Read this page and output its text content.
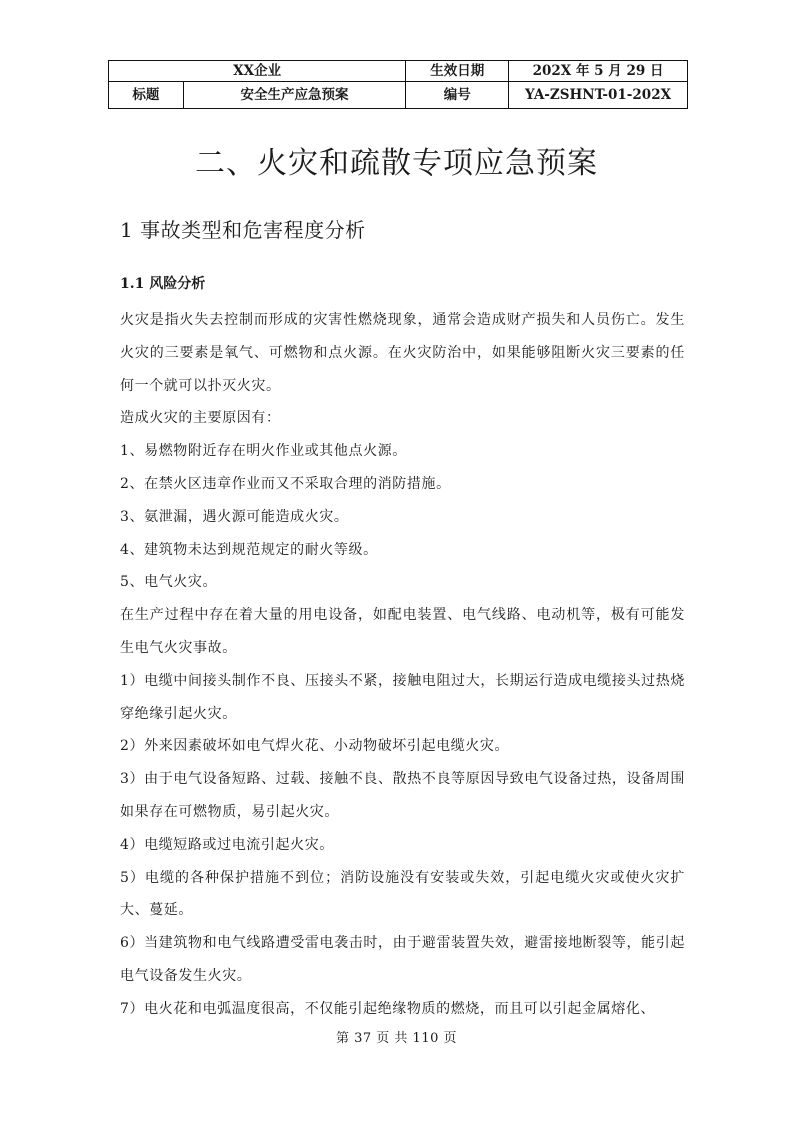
XX企业		生效日期	202X 年 5 月 29 日
标题	安全生产应急预案	编号	YA-ZSHNT-01-202X
二、火灾和疏散专项应急预案
1 事故类型和危害程度分析
1.1 风险分析

火灾是指火失去控制而形成的灾害性燃烧现象，通常会造成财产损失和人员伤亡。发生火灾的三要素是氧气、可燃物和点火源。在火灾防治中，如果能够阻断火灾三要素的任何一个就可以扑灭火灾。

造成火灾的主要原因有：

1、易燃物附近存在明火作业或其他点火源。

2、在禁火区违章作业而又不采取合理的消防措施。

3、氨泄漏，遇火源可能造成火灾。

4、建筑物未达到规范规定的耐火等级。

5、电气火灾。

在生产过程中存在着大量的用电设备，如配电装置、电气线路、电动机等，极有可能发生电气火灾事故。

1）电缆中间接头制作不良、压接头不紧，接触电阻过大，长期运行造成电缆接头过热烧穿绝缘引起火灾。

2）外来因素破坏如电气焊火花、小动物破坏引起电缆火灾。

3）由于电气设备短路、过载、接触不良、散热不良等原因导致电气设备过热，设备周围如果存在可燃物质，易引起火灾。

4）电缆短路或过电流引起火灾。

5）电缆的各种保护措施不到位；消防设施没有安装或失效，引起电缆火灾或使火灾扩大、蔓延。

6）当建筑物和电气线路遭受雷电袭击时，由于避雷装置失效，避雷接地断裂等，能引起电气设备发生火灾。

7）电火花和电弧温度很高，不仅能引起绝缘物质的燃烧，而且可以引起金属熔化、

第 37 页 共 110 页
